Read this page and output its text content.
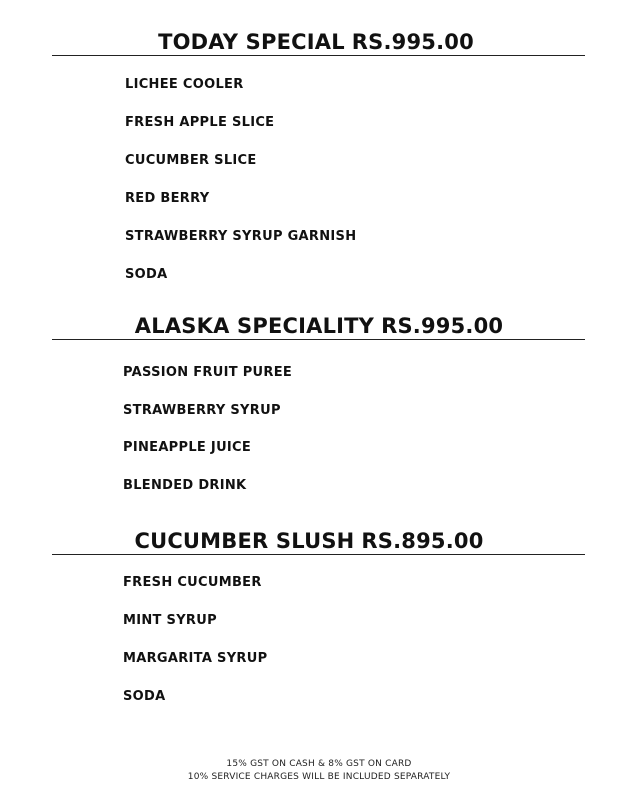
TODAY SPECIAL RS.995.00
LICHEE COOLER
FRESH APPLE SLICE
CUCUMBER SLICE
RED BERRY
STRAWBERRY SYRUP GARNISH
SODA
ALASKA SPECIALITY RS.995.00
PASSION FRUIT PUREE
STRAWBERRY SYRUP
PINEAPPLE JUICE
BLENDED DRINK
CUCUMBER SLUSH RS.895.00
FRESH CUCUMBER
MINT SYRUP
MARGARITA SYRUP
SODA
15% GST ON CASH & 8% GST ON CARD
10% SERVICE CHARGES WILL BE INCLUDED SEPARATELY
